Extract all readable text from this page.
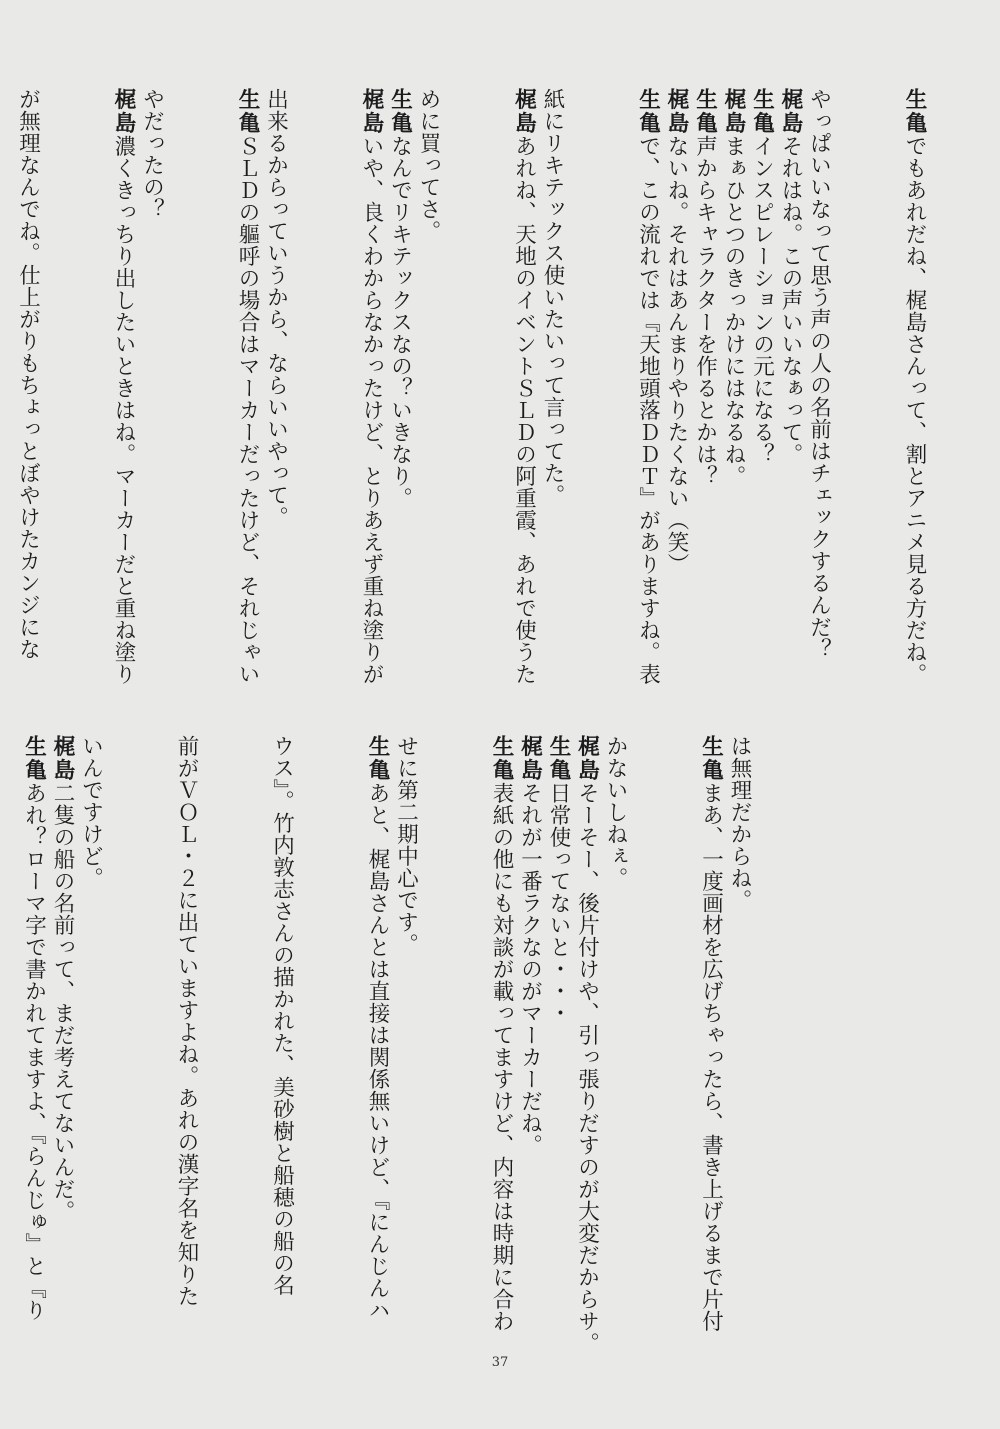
生亀でもあれだね、梶島さんって、割とアニメ見る方だね。
やっぱいいなって思う声の人の名前はチェックするんだ？
梶島それはね。この声いいなぁって。
生亀インスピレーションの元になる？
梶島まぁひとつのきっかけにはなるね。
生亀声からキャラクターを作るとかは？
梶島ないね。それはあんまりやりたくない（笑）
生亀で、この流れでは『天地頭落ＤＤＴ』がありますね。表
紙にリキテックス使いたいって言ってた。
梶島あれね、天地のイベントＳＬＤの阿重霞、あれで使うた
めに買ってさ。
生亀なんでリキテックスなの？いきなり。
梶島いや、良くわからなかったけど、とりあえず重ね塗りが
出来るからっていうから、ならいいやって。
生亀ＳＬＤの軀呼の場合はマーカーだったけど、それじゃい
やだったの？
梶島濃くきっちり出したいときはね。マーカーだと重ね塗り
が無理なんでね。仕上がりもちょっとぼやけたカンジにな
は無理だからね。
生亀まあ、一度画材を広げちゃったら、書き上げるまで片付
かないしねぇ。
梶島そーそー、後片付けや、引っ張りだすのが大変だからサ。
生亀日常使ってないと・・・
梶島それが一番ラクなのがマーカーだね。
生亀表紙の他にも対談が載ってますけど、内容は時期に合わ
せに第二期中心です。
生亀あと、梶島さんとは直接は関係無いけど、『にんじんハ
ウス』。竹内敦志さんの描かれた、美砂樹と船穂の船の名
前がＶＯＬ・２に出ていますよね。あれの漢字名を知りた
いんですけど。
梶島二隻の船の名前って、まだ考えてないんだ。
生亀あれ？ローマ字で書かれてますよ、『らんじゅ』と『り
37
